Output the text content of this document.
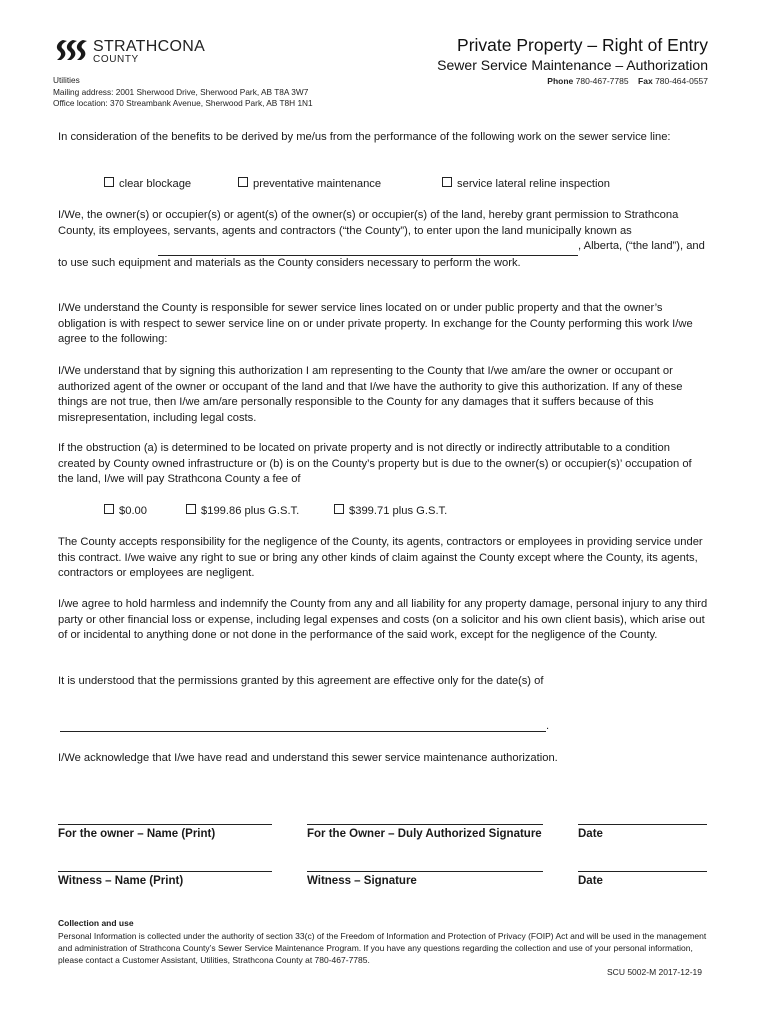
STRATHCONA
COUNTY
Private Property – Right of Entry
Sewer Service Maintenance – Authorization
Phone 780-467-7785 Fax 780-464-0557
Utilities
Mailing address: 2001 Sherwood Drive, Sherwood Park, AB T8A 3W7
Office location: 370 Streambank Avenue, Sherwood Park, AB T8H 1N1
In consideration of the benefits to be derived by me/us from the performance of the following work on the sewer service line:
clear blockage	preventative maintenance	service lateral reline inspection
I/We, the owner(s) or occupier(s) or agent(s) of the owner(s) or occupier(s) of the land, hereby grant permission to Strathcona County, its employees, servants, agents and contractors (“the County”), to enter upon the land municipally known as  , Alberta, (“the land”), and to use such equipment and materials as the County considers necessary to perform the work.
I/We understand the County is responsible for sewer service lines located on or under public property and that the owner’s obligation is with respect to sewer service line on or under private property. In exchange for the County performing this work I/we agree to the following:
I/We understand that by signing this authorization I am representing to the County that I/we am/are the owner or occupant or authorized agent of the owner or occupant of the land and that I/we have the authority to give this authorization. If any of these things are not true, then I/we am/are personally responsible to the County for any damages that it suffers because of this misrepresentation, including legal costs.
If the obstruction (a) is determined to be located on private property and is not directly or indirectly attributable to a condition created by County owned infrastructure or (b) is on the County’s property but is due to the owner(s) or occupier(s)’ occupation of the land, I/we will pay Strathcona County a fee of
$0.00	$199.86 plus G.S.T.	$399.71 plus G.S.T.
The County accepts responsibility for the negligence of the County, its agents, contractors or employees in providing service under this contract. I/we waive any right to sue or bring any other kinds of claim against the County except where the County, its agents, contractors or employees are negligent.
I/we agree to hold harmless and indemnify the County from any and all liability for any property damage, personal injury to any third party or other financial loss or expense, including legal expenses and costs (on a solicitor and his own client basis), which arise out of or incidental to anything done or not done in the performance of the said work, except for the negligence of the County.
It is understood that the permissions granted by this agreement are effective only for the date(s) of
.
I/We acknowledge that I/we have read and understand this sewer service maintenance authorization.
For the owner – Name (Print)	For the Owner – Duly Authorized Signature	Date
Witness – Name (Print)	Witness – Signature	Date
Collection and use
Personal Information is collected under the authority of section 33(c) of the Freedom of Information and Protection of Privacy (FOIP) Act and will be used in the management and administration of Strathcona County’s Sewer Service Maintenance Program. If you have any questions regarding the collection and use of your personal information, please contact a Customer Assistant, Utilities, Strathcona County at 780-467-7785.
SCU 5002-M 2017-12-19
